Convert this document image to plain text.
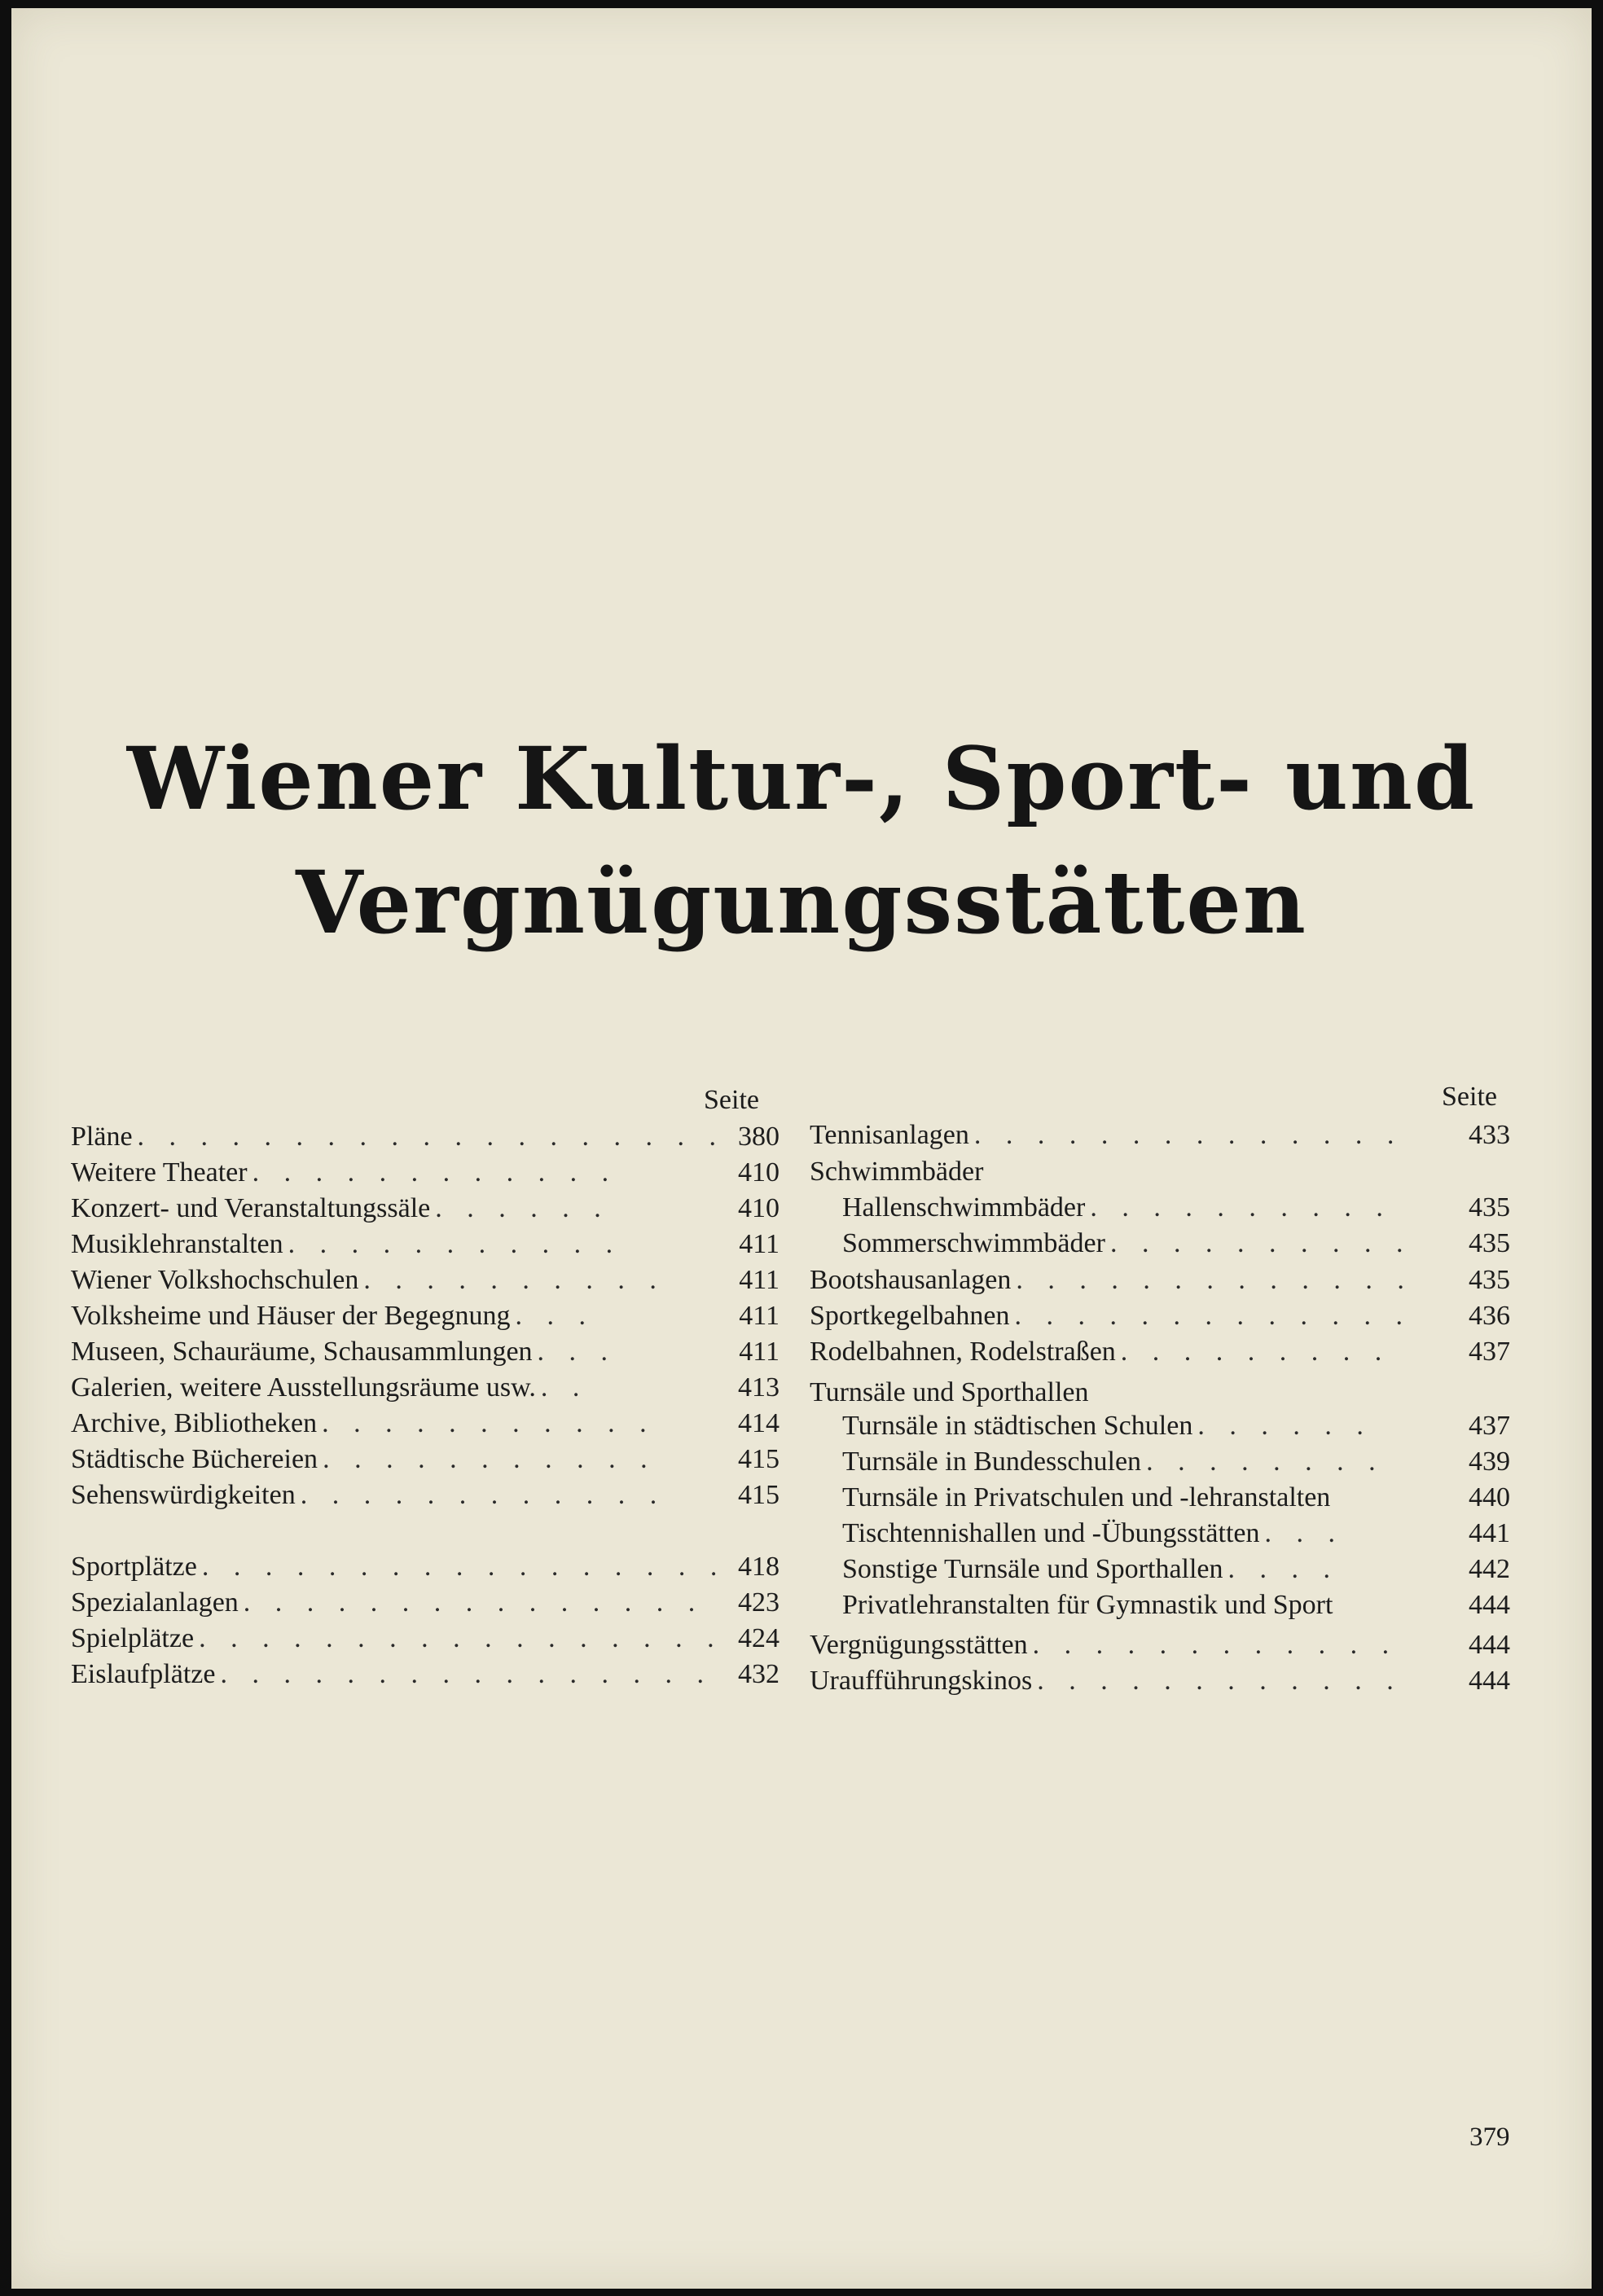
Wiener Kultur-, Sport- und
Vergnügungsstätten
Seite	Seite
Pläne . . . . . . . . . . . . . . . . . . . 380
Weitere Theater . . . . . . . . . . . .	410
Konzert- und Veranstaltungssäle . . . . . .	410
Musiklehranstalten . . . . . . . . . . .	411
Wiener Volkshochschulen . . . . . . . . . .	411
Volksheime und Häuser der Begegnung . . .	411
Museen, Schauräume, Schausammlungen . . .	411
Galerien, weitere Ausstellungsräume usw. . .	413
Archive, Bibliotheken . . . . . . . . . . .	414
Städtische Büchereien . . . . . . . . . . .	415
Sehenswürdigkeiten . . . . . . . . . . . .	415
Sportplätze . . . . . . . . . . . . . . . . . 418
Spezialanlagen . . . . . . . . . . . . . . .	423
Spielplätze . . . . . . . . . . . . . . . . . 424
Eislaufplätze . . . . . . . . . . . . . . . . 432
Tennisanlagen . . . . . . . . . . . . . .	433
Schwimmbäder
Hallenschwimmbäder . . . . . . . . . .	435
Sommerschwimmbäder . . . . . . . . . .	435
Bootshausanlagen . . . . . . . . . . . . .	435
Sportkegelbahnen . . . . . . . . . . . . .	436
Rodelbahnen, Rodelstraßen . . . . . . . . .	437
Turnsäle und Sporthallen
Turnsäle in städtischen Schulen . . . . . .	437
Turnsäle in Bundesschulen . . . . . . . .	439
Turnsäle in Privatschulen und -lehranstalten	440
Tischtennishallen und -Übungsstätten . . .	441
Sonstige Turnsäle und Sporthallen . . . .	442
Privatlehranstalten für Gymnastik und Sport	444
Vergnügungsstätten . . . . . . . . . . . .	444
Uraufführungskinos . . . . . . . . . . . .	444
379
